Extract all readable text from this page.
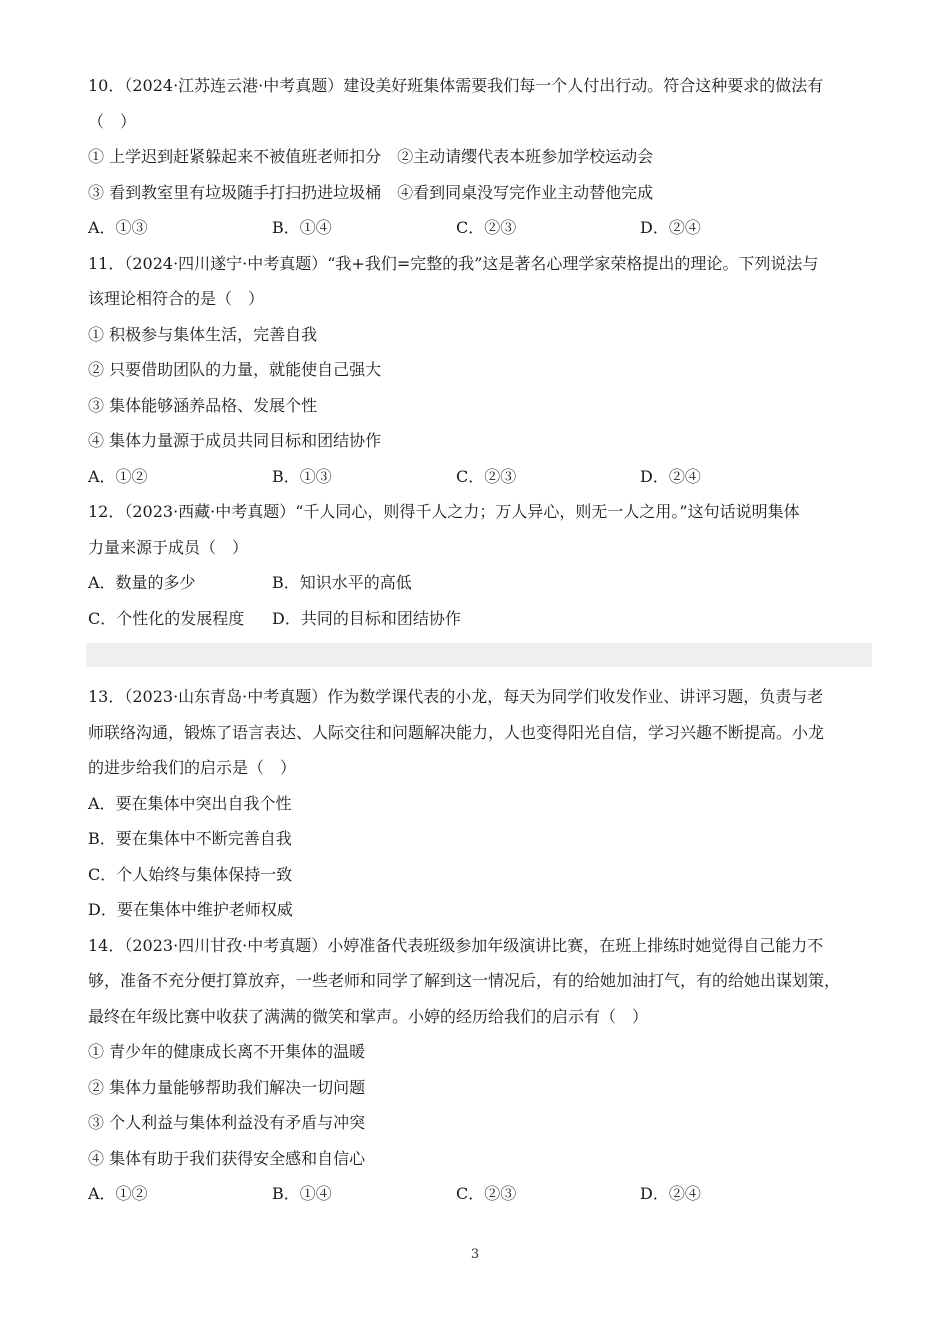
10．（2024·江苏连云港·中考真题）建设美好班集体需要我们每一个人付出行动。符合这种要求的做法有
（　）
① 上学迟到赶紧躲起来不被值班老师扣分　②主动请缨代表本班参加学校运动会
③ 看到教室里有垃圾随手打扫扔进垃圾桶　④看到同桌没写完作业主动替他完成
A．①③	B．①④	C．②③	D．②④
11．（2024·四川遂宁·中考真题）“我+我们=完整的我”这是著名心理学家荣格提出的理论。下列说法与
该理论相符合的是（　）
① 积极参与集体生活，完善自我
② 只要借助团队的力量，就能使自己强大
③ 集体能够涵养品格、发展个性
④ 集体力量源于成员共同目标和团结协作
A．①②	B．①③	C．②③	D．②④
12．（2023·西藏·中考真题）“千人同心，则得千人之力；万人异心，则无一人之用。”这句话说明集体
力量来源于成员（　）
A．数量的多少	B．知识水平的高低
C．个性化的发展程度	D．共同的目标和团结协作
13．（2023·山东青岛·中考真题）作为数学课代表的小龙，每天为同学们收发作业、讲评习题，负责与老
师联络沟通，锻炼了语言表达、人际交往和问题解决能力，人也变得阳光自信，学习兴趣不断提高。小龙
的进步给我们的启示是（　）
A．要在集体中突出自我个性
B．要在集体中不断完善自我
C．个人始终与集体保持一致
D．要在集体中维护老师权威
14．（2023·四川甘孜·中考真题）小婷准备代表班级参加年级演讲比赛，在班上排练时她觉得自己能力不
够，准备不充分便打算放弃，一些老师和同学了解到这一情况后，有的给她加油打气，有的给她出谋划策，
最终在年级比赛中收获了满满的微笑和掌声。小婷的经历给我们的启示有（　）
① 青少年的健康成长离不开集体的温暖
② 集体力量能够帮助我们解决一切问题
③ 个人利益与集体利益没有矛盾与冲突
④ 集体有助于我们获得安全感和自信心
A．①②	B．①④	C．②③	D．②④
3
